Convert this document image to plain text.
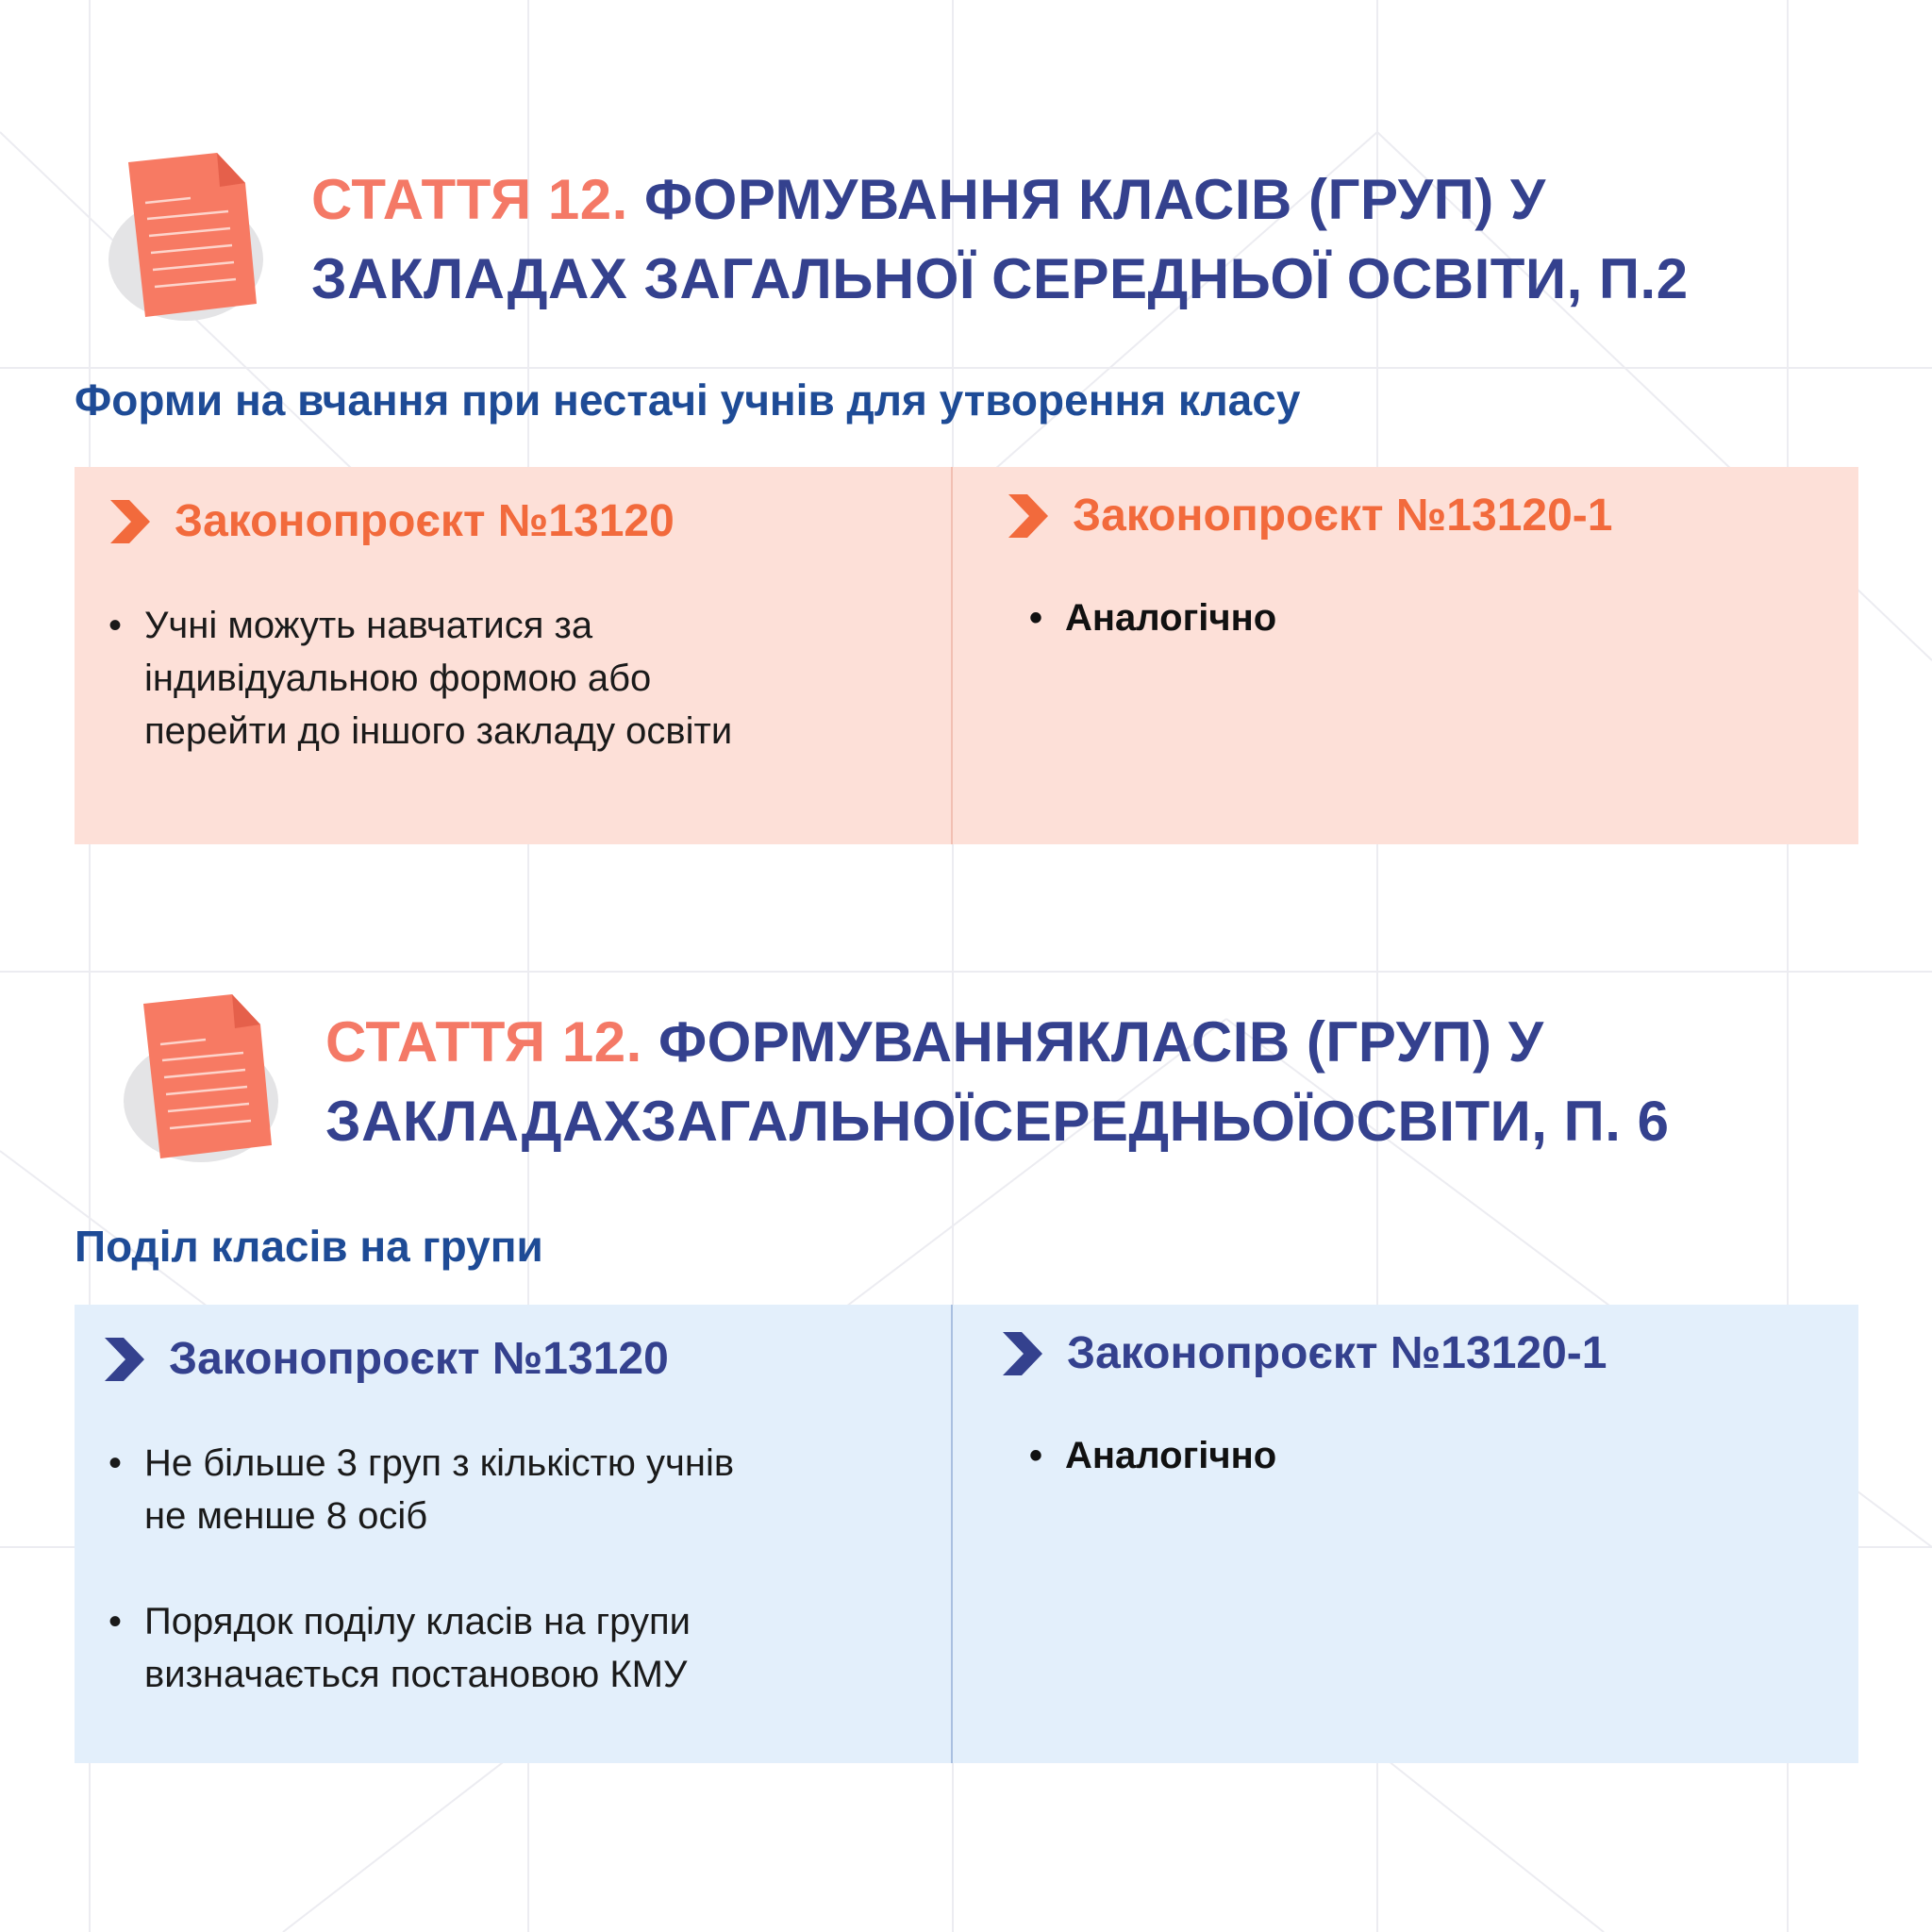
СТАТТЯ 12. ФОРМУВАННЯ КЛАСІВ (ГРУП) У
ЗАКЛАДАХ ЗАГАЛЬНОЇ СЕРЕДНЬОЇ ОСВІТИ, П.2
Форми на вчання при нестачі учнів для утворення класу
Законопроєкт №13120
• Учні можуть навчатися за
індивідуальною формою або
перейти до іншого закладу освіти
Законопроєкт №13120-1
• Аналогічно
СТАТТЯ 12. ФОРМУВАННЯКЛАСІВ (ГРУП) У
ЗАКЛАДАХЗАГАЛЬНОЇСЕРЕДНЬОЇОСВІТИ, П. 6
Поділ класів на групи
Законопроєкт №13120
• Не більше 3 груп з кількістю учнів
не менше 8 осіб
• Порядок поділу класів на групи
визначається постановою КМУ
Законопроєкт №13120-1
• Аналогічно
